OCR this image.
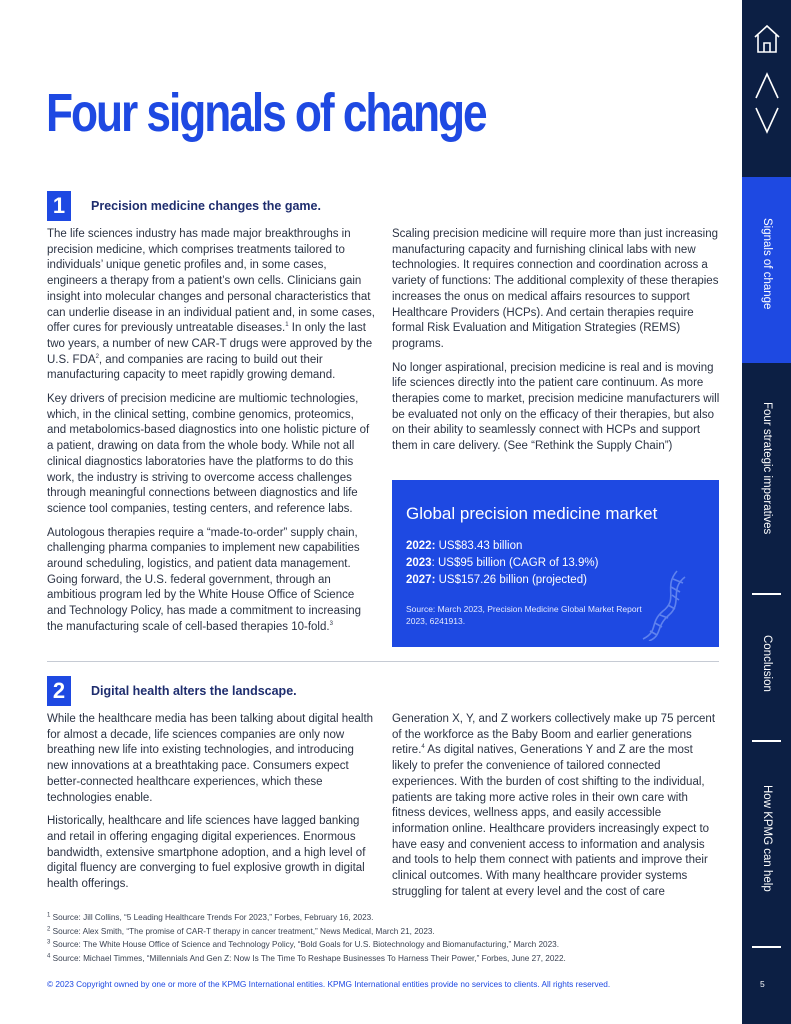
Four signals of change
1	Precision medicine changes the game.

The life sciences industry has made major breakthroughs in precision medicine, which comprises treatments tailored to individuals’ unique genetic profiles and, in some cases, engineers a therapy from a patient’s own cells. Clinicians gain insight into molecular changes and personal characteristics that can underlie disease in an individual patient and, in some cases, offer cures for previously untreatable diseases.$^1$ In only the last two years, a number of new CAR-T drugs were approved by the U.S. FDA$^2$, and companies are racing to build out their manufacturing capacity to meet rapidly growing demand.

Key drivers of precision medicine are multiomic technologies, which, in the clinical setting, combine genomics, proteomics, and metabolomics-based diagnostics into one holistic picture of a patient, drawing on data from the whole body. While not all clinical diagnostics laboratories have the platforms to do this work, the industry is striving to overcome access challenges through meaningful connections between diagnostics and life science tool companies, testing centers, and reference labs.

Autologous therapies require a “made-to-order” supply chain, challenging pharma companies to implement new capabilities around scheduling, logistics, and patient data management. Going forward, the U.S. federal government, through an ambitious program led by the White House Office of Science and Technology Policy, has made a commitment to increasing the manufacturing scale of cell-based therapies 10-fold.$^3$

Scaling precision medicine will require more than just increasing manufacturing capacity and furnishing clinical labs with new technologies. It requires connection and coordination across a variety of functions: The additional complexity of these therapies increases the onus on medical affairs resources to support Healthcare Providers (HCPs). And certain therapies require formal Risk Evaluation and Mitigation Strategies (REMS) programs.

No longer aspirational, precision medicine is real and is moving life sciences directly into the patient care continuum. As more therapies come to market, precision medicine manufacturers will be evaluated not only on the efficacy of their therapies, but also on their ability to seamlessly connect with HCPs and support them in care delivery. (See “Rethink the Supply Chain”)

Global precision medicine market
2022: US$83.43 billion
2023: US$95 billion (CAGR of 13.9%)
2027: US$157.26 billion (projected)
Source: March 2023, Precision Medicine Global Market Report 2023, 6241913.
2	Digital health alters the landscape.

While the healthcare media has been talking about digital health for almost a decade, life sciences companies are only now breathing new life into existing technologies, and introducing new innovations at a breathtaking pace. Consumers expect better-connected healthcare experiences, which these technologies enable.

Historically, healthcare and life sciences have lagged banking and retail in offering engaging digital experiences. Enormous bandwidth, extensive smartphone adoption, and a high level of digital fluency are converging to fuel explosive growth in digital health offerings.

Generation X, Y, and Z workers collectively make up 75 percent of the workforce as the Baby Boom and earlier generations retire.$^4$ As digital natives, Generations Y and Z are the most likely to prefer the convenience of tailored connected experiences. With the burden of cost shifting to the individual, patients are taking more active roles in their own care with fitness devices, wellness apps, and easily accessible information online. Healthcare providers increasingly expect to have easy and convenient access to information and analysis and tools to help them connect with patients and improve their clinical outcomes. With many healthcare provider systems struggling for talent at every level and the cost of care

$^1$ Source: Jill Collins, “5 Leading Healthcare Trends For 2023,” Forbes, February 16, 2023.
$^2$ Source: Alex Smith, “The promise of CAR-T therapy in cancer treatment,” News Medical, March 21, 2023.
$^3$ Source: The White House Office of Science and Technology Policy, “Bold Goals for U.S. Biotechnology and Biomanufacturing,” March 2023.
$^4$ Source: Michael Timmes, “Millennials And Gen Z: Now Is The Time To Reshape Businesses To Harness Their Power,” Forbes, June 27, 2022.
© 2023 Copyright owned by one or more of the KPMG International entities. KPMG International entities provide no services to clients. All rights reserved.
Signals of change
Four strategic imperatives
Conclusion
How KPMG can help
5
